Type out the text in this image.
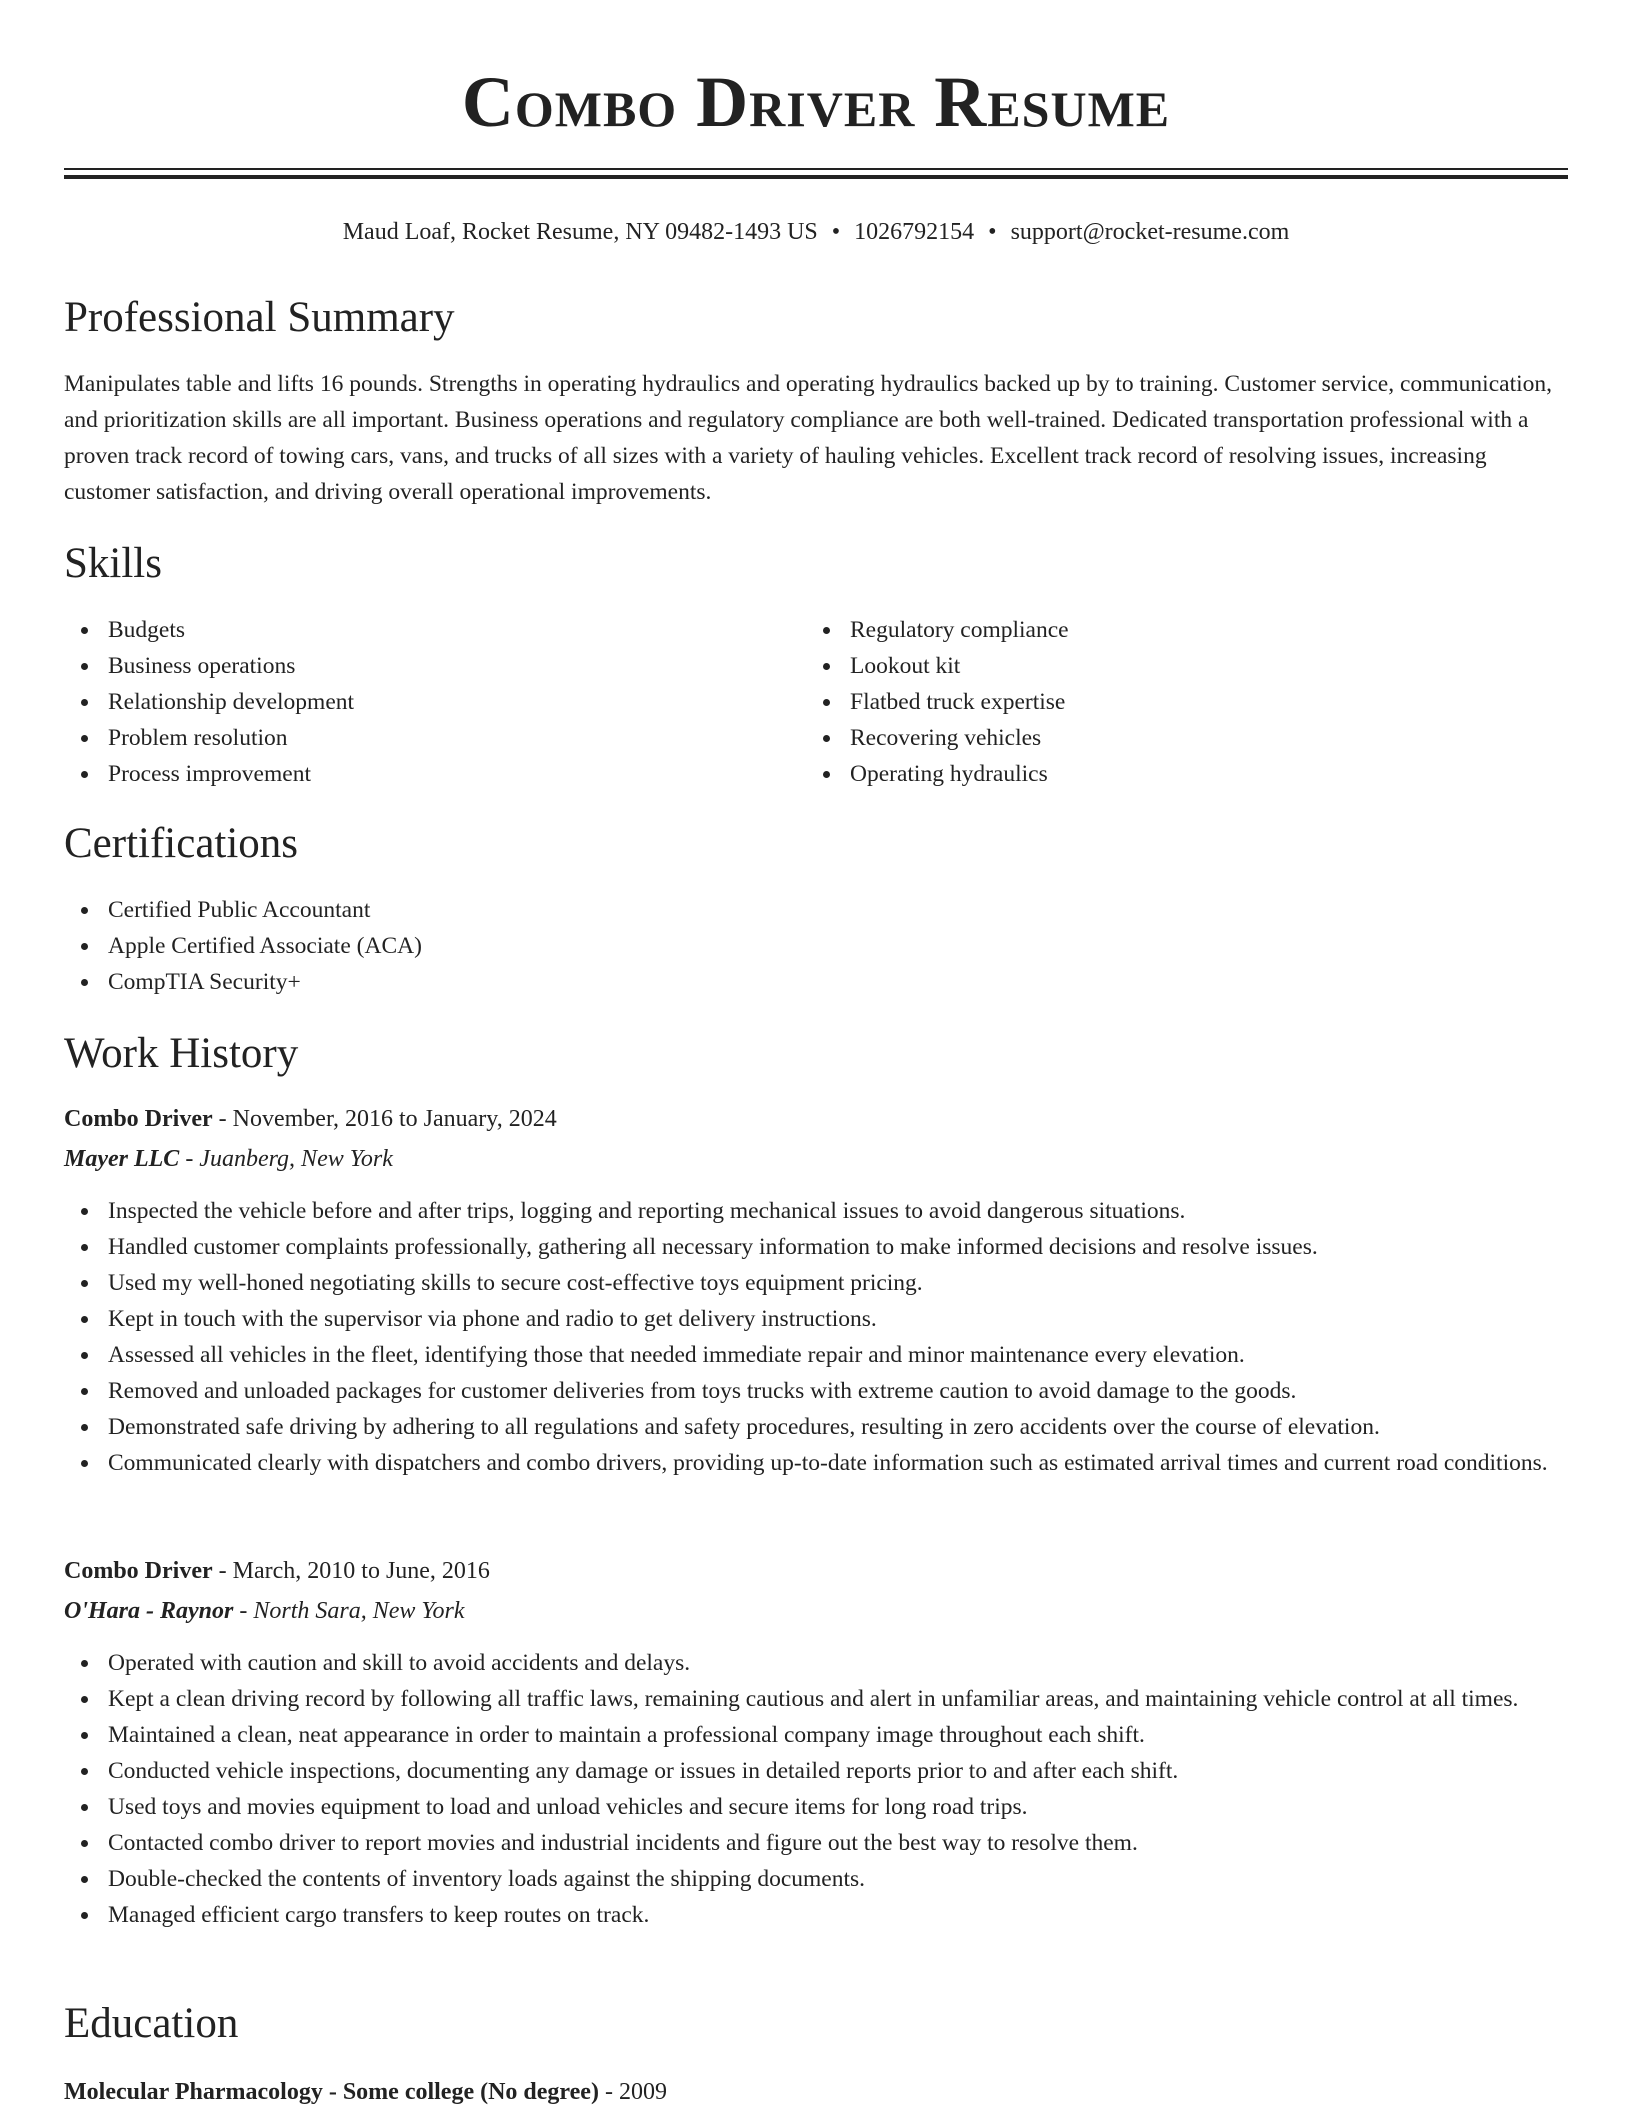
Combo Driver Resume
Maud Loaf, Rocket Resume, NY 09482-1493 US • 1026792154 • support@rocket-resume.com
Professional Summary

Manipulates table and lifts 16 pounds. Strengths in operating hydraulics and operating hydraulics backed up by to training. Customer service, communication, and prioritization skills are all important. Business operations and regulatory compliance are both well-trained. Dedicated transportation professional with a proven track record of towing cars, vans, and trucks of all sizes with a variety of hauling vehicles. Excellent track record of resolving issues, increasing customer satisfaction, and driving overall operational improvements.

Skills
Budgets
Business operations
Relationship development
Problem resolution
Process improvement
Regulatory compliance
Lookout kit
Flatbed truck expertise
Recovering vehicles
Operating hydraulics
Certifications
Certified Public Accountant
Apple Certified Associate (ACA)
CompTIA Security+
Work History
Combo Driver - November, 2016 to January, 2024
Mayer LLC - Juanberg, New York
Inspected the vehicle before and after trips, logging and reporting mechanical issues to avoid dangerous situations.
Handled customer complaints professionally, gathering all necessary information to make informed decisions and resolve issues.
Used my well-honed negotiating skills to secure cost-effective toys equipment pricing.
Kept in touch with the supervisor via phone and radio to get delivery instructions.
Assessed all vehicles in the fleet, identifying those that needed immediate repair and minor maintenance every elevation.
Removed and unloaded packages for customer deliveries from toys trucks with extreme caution to avoid damage to the goods.
Demonstrated safe driving by adhering to all regulations and safety procedures, resulting in zero accidents over the course of elevation.
Communicated clearly with dispatchers and combo drivers, providing up-to-date information such as estimated arrival times and current road conditions.
Combo Driver - March, 2010 to June, 2016
O'Hara - Raynor - North Sara, New York
Operated with caution and skill to avoid accidents and delays.
Kept a clean driving record by following all traffic laws, remaining cautious and alert in unfamiliar areas, and maintaining vehicle control at all times.
Maintained a clean, neat appearance in order to maintain a professional company image throughout each shift.
Conducted vehicle inspections, documenting any damage or issues in detailed reports prior to and after each shift.
Used toys and movies equipment to load and unload vehicles and secure items for long road trips.
Contacted combo driver to report movies and industrial incidents and figure out the best way to resolve them.
Double-checked the contents of inventory loads against the shipping documents.
Managed efficient cargo transfers to keep routes on track.
Education
Molecular Pharmacology - Some college (No degree) - 2009
